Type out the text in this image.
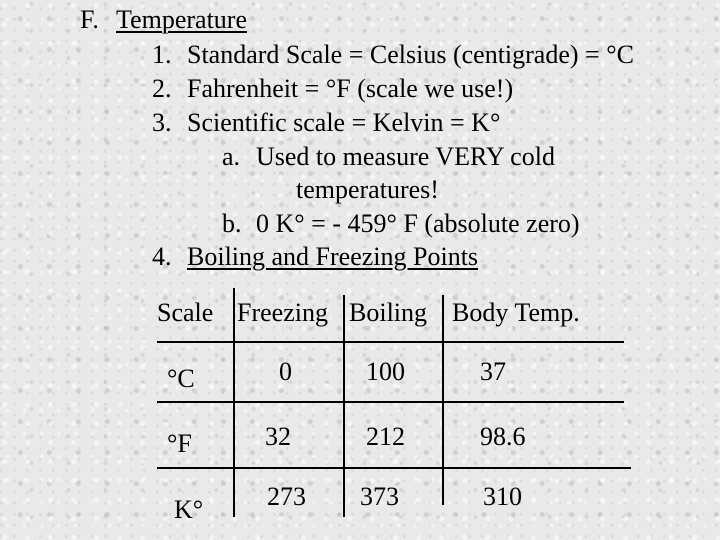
F. Temperature
1. Standard Scale = Celsius (centigrade) = °C
2. Fahrenheit = °F (scale we use!)
3. Scientific scale = Kelvin = K°
a. Used to measure VERY cold
temperatures!
b. 0 K° = - 459° F (absolute zero)
4. Boiling and Freezing Points
Scale Freezing Boiling Body Temp.
°C	0	100	37
°F	32	212	98.6
K° 273 373	310
